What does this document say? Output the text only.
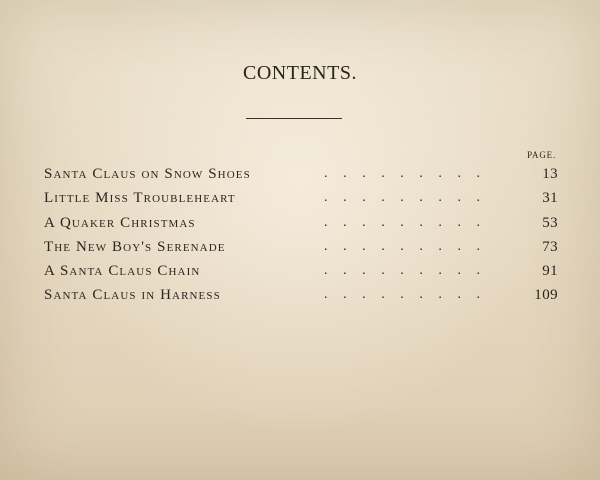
CONTENTS.
PAGE.
Santa Claus on Snow Shoes	. . . . . . . . .	13
Little Miss Troubleheart	. . . . . . . . .	31
A Quaker Christmas	. . . . . . . . .	53
The New Boy's Serenade	. . . . . . . . .	73
A Santa Claus Chain	. . . . . . . . .	91
Santa Claus in Harness	. . . . . . . . .	109
